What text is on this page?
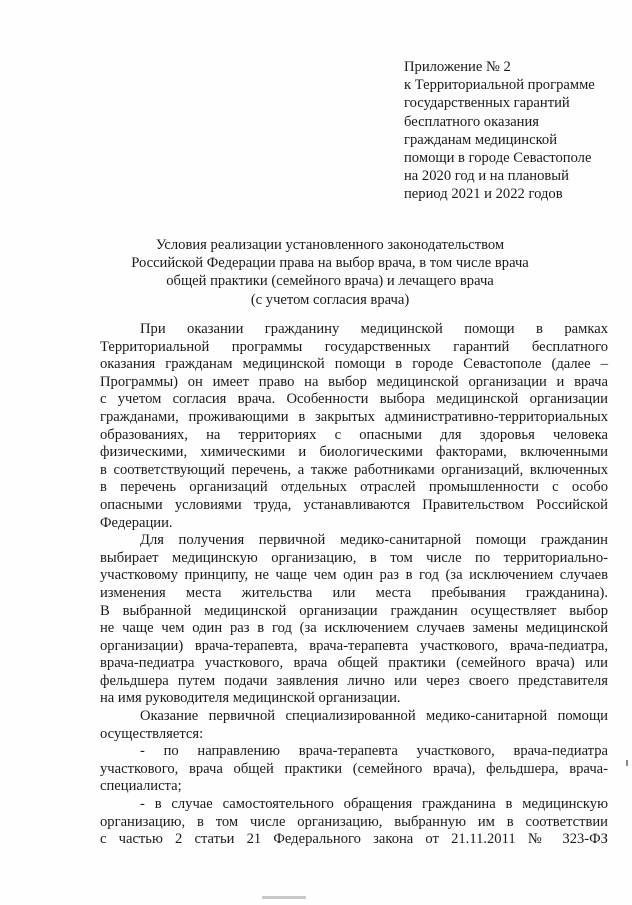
Приложение № 2
к Территориальной программе
государственных гарантий
бесплатного оказания
гражданам медицинской
помощи в городе Севастополе
на 2020 год и на плановый
период 2021 и 2022 годов
Условия реализации установленного законодательством
Российской Федерации права на выбор врача, в том числе врача
общей практики (семейного врача) и лечащего врача
(с учетом согласия врача)
При оказании гражданину медицинской помощи в рамках
Территориальной программы государственных гарантий бесплатного
оказания гражданам медицинской помощи в городе Севастополе (далее –
Программы) он имеет право на выбор медицинской организации и врача
с учетом согласия врача. Особенности выбора медицинской организации
гражданами, проживающими в закрытых административно-территориальных
образованиях, на территориях с опасными для здоровья человека
физическими, химическими и биологическими факторами, включенными
в соответствующий перечень, а также работниками организаций, включенных
в перечень организаций отдельных отраслей промышленности с особо
опасными условиями труда, устанавливаются Правительством Российской
Федерации.
Для получения первичной медико-санитарной помощи гражданин
выбирает медицинскую организацию, в том числе по территориально-
участковому принципу, не чаще чем один раз в год (за исключением случаев
изменения места жительства или места пребывания гражданина).
В выбранной медицинской организации гражданин осуществляет выбор
не чаще чем один раз в год (за исключением случаев замены медицинской
организации) врача-терапевта, врача-терапевта участкового, врача-педиатра,
врача-педиатра участкового, врача общей практики (семейного врача) или
фельдшера путем подачи заявления лично или через своего представителя
на имя руководителя медицинской организации.
Оказание первичной специализированной медико-санитарной помощи
осуществляется:
- по направлению врача-терапевта участкового, врача-педиатра
участкового, врача общей практики (семейного врача), фельдшера, врача-
специалиста;
- в случае самостоятельного обращения гражданина в медицинскую
организацию, в том числе организацию, выбранную им в соответствии
с частью 2 статьи 21 Федерального закона от 21.11.2011 № 323-ФЗ
